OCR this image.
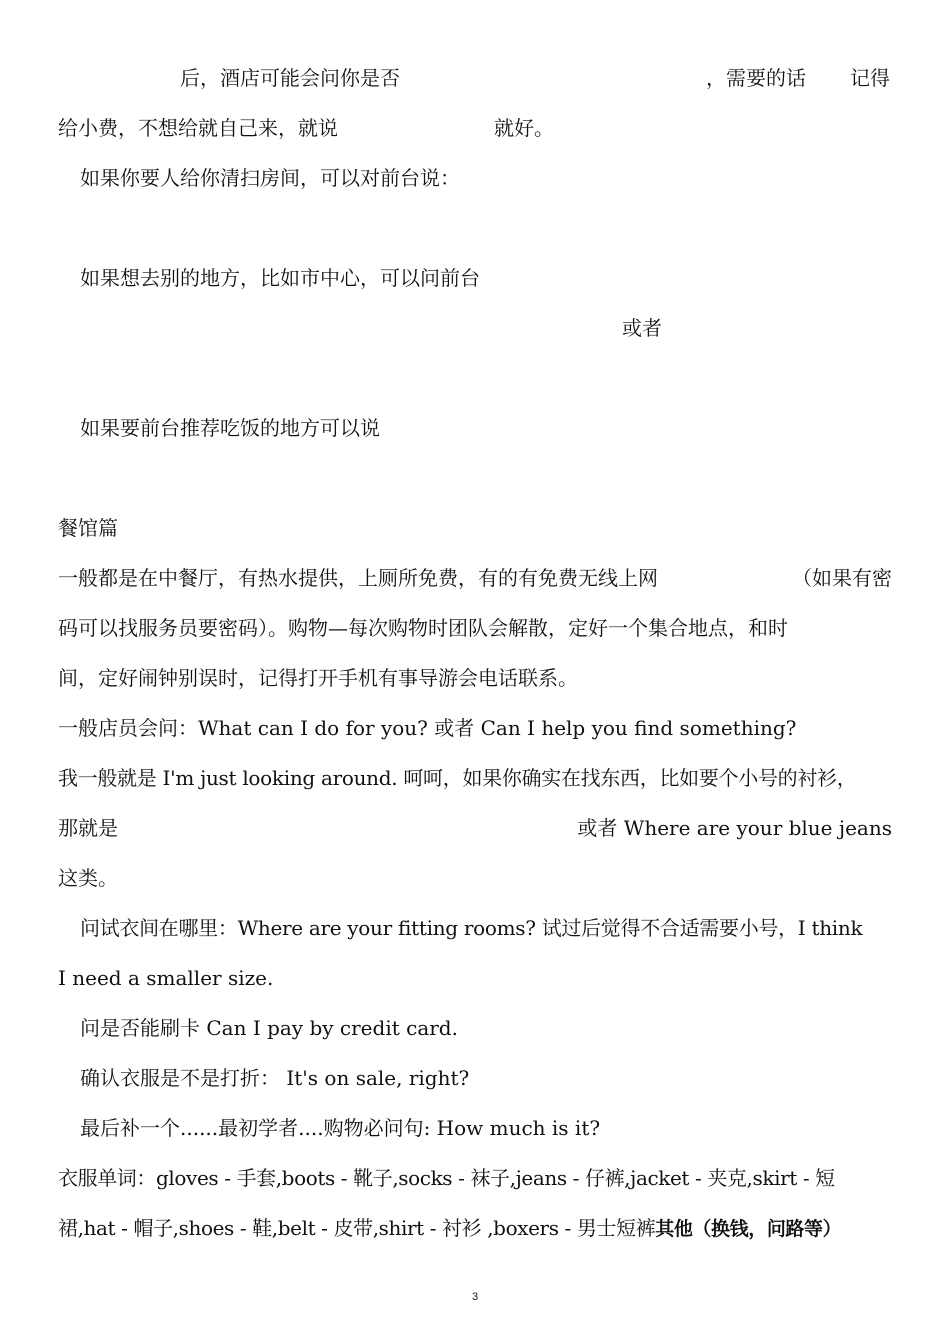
后，酒店可能会问你是否	，需要的话 记得
给小费，不想给就自己来，就说	就好。
如果你要人给你清扫房间，可以对前台说：
如果想去别的地方，比如市中心，可以问前台
或者
如果要前台推荐吃饭的地方可以说
餐馆篇
一般都是在中餐厅，有热水提供，上厕所免费，有的有免费无线上网	（如果有密
码可以找服务员要密码）。购物—每次购物时团队会解散，定好一个集合地点，和时
间，定好闹钟别误时，记得打开手机有事导游会电话联系。
一般店员会问：What can I do for you? 或者 Can I help you find something?
我一般就是 I'm just looking around. 呵呵，如果你确实在找东西，比如要个小号的衬衫，
那就是	或者 Where are your blue jeans
这类。
问试衣间在哪里：Where are your fitting rooms? 试过后觉得不合适需要小号，I think
I need a smaller size.
问是否能刷卡 Can I pay by credit card.
确认衣服是不是打折： It's on sale, right?
最后补一个......最初学者....购物必问句: How much is it?
衣服单词：gloves - 手套,boots - 靴子,socks - 袜子,jeans - 仔裤,jacket - 夹克,skirt - 短
裙,hat - 帽子,shoes - 鞋,belt - 皮带,shirt - 衬衫 ,boxers - 男士短裤其他（换钱，问路等）
3
